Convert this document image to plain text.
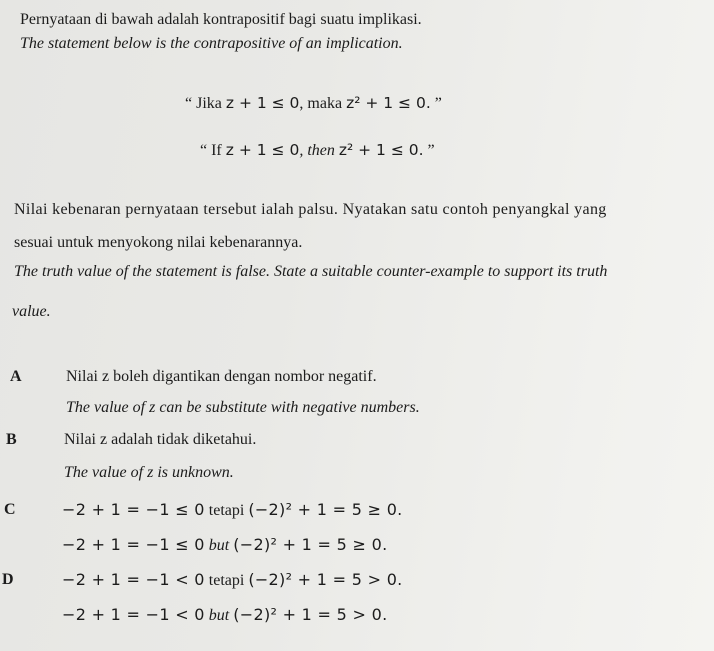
Pernyataan di bawah adalah kontrapositif bagi suatu implikasi.
The statement below is the contrapositive of an implication.
“ Jika z + 1 ≤ 0, maka z² + 1 ≤ 0. ”
“ If z + 1 ≤ 0, then z² + 1 ≤ 0. ”
Nilai kebenaran pernyataan tersebut ialah palsu. Nyatakan satu contoh penyangkal yang
sesuai untuk menyokong nilai kebenarannya.
The truth value of the statement is false. State a suitable counter-example to support its truth
value.
A	Nilai z boleh digantikan dengan nombor negatif.
The value of z can be substitute with negative numbers.
B	Nilai z adalah tidak diketahui.
The value of z is unknown.
C	−2 + 1 = −1 ≤ 0 tetapi (−2)² + 1 = 5 ≥ 0.
−2 + 1 = −1 ≤ 0 but (−2)² + 1 = 5 ≥ 0.
D	−2 + 1 = −1 < 0 tetapi (−2)² + 1 = 5 > 0.
−2 + 1 = −1 < 0 but (−2)² + 1 = 5 > 0.
